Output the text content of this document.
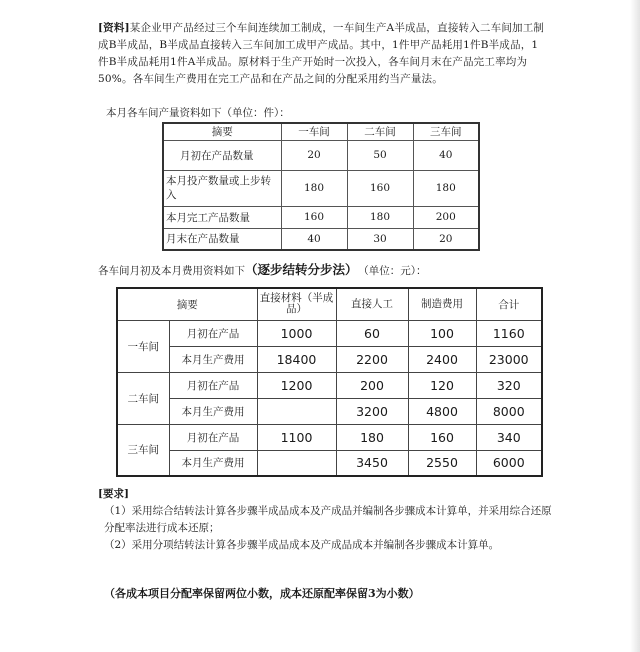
[资料]某企业甲产品经过三个车间连续加工制成，一车间生产A半成品，直接转入二车间加工制成B半成品，B半成品直接转入三车间加工成甲产成品。其中，1件甲产品耗用1件B半成品，1件B半成品耗用1件A半成品。原材料于生产开始时一次投入，各车间月末在产品完工率均为50%。各车间生产费用在完工产品和在产品之间的分配采用约当产量法。
本月各车间产量资料如下（单位：件）：
摘要	一车间	二车间	三车间
月初在产品数量	20	50	40
本月投产数量或上步转入	180	160	180
本月完工产品数量	160	180	200
月末在产品数量	40	30	20
各车间月初及本月费用资料如下（逐步结转分步法） （单位：元）：
摘要		直接材料（半成品）	直接人工	制造费用	合计
一车间	月初在产品	1000	60	100	1160
	本月生产费用	18400	2200	2400	23000
二车间	月初在产品	1200	200	120	320
	本月生产费用		3200	4800	8000
三车间	月初在产品	1100	180	160	340
	本月生产费用		3450	2550	6000
[要求]
（1）采用综合结转法计算各步骤半成品成本及产成品并编制各步骤成本计算单，并采用综合还原分配率法进行成本还原；
（2）采用分项结转法计算各步骤半成品成本及产成品成本并编制各步骤成本计算单。
（各成本项目分配率保留两位小数，成本还原配率保留3为小数）
